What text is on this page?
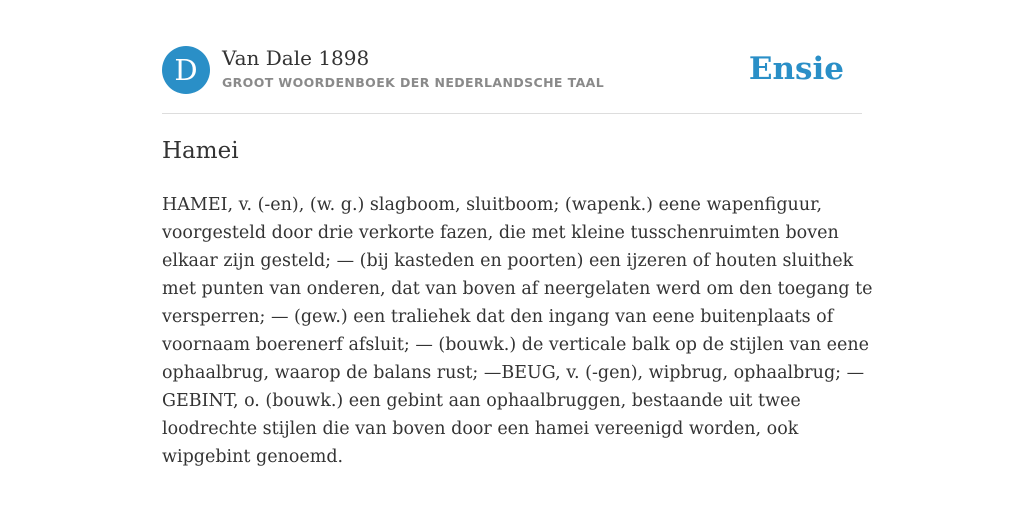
D	Van Dale 1898
GROOT WOORDENBOEK DER NEDERLANDSCHE TAAL	Ensie
Hamei
HAMEI, v. (-en), (w. g.) slagboom, sluitboom; (wapenk.) eene wapenfiguur,
voorgesteld door drie verkorte fazen, die met kleine tusschenruimten boven
elkaar zijn gesteld; — (bij kasteden en poorten) een ijzeren of houten sluithek
met punten van onderen, dat van boven af neergelaten werd om den toegang te
versperren; — (gew.) een traliehek dat den ingang van eene buitenplaats of
voornaam boerenerf afsluit; — (bouwk.) de verticale balk op de stijlen van eene
ophaalbrug, waarop de balans rust; —BEUG, v. (-gen), wipbrug, ophaalbrug; —
GEBINT, o. (bouwk.) een gebint aan ophaalbruggen, bestaande uit twee
loodrechte stijlen die van boven door een hamei vereenigd worden, ook
wipgebint genoemd.
